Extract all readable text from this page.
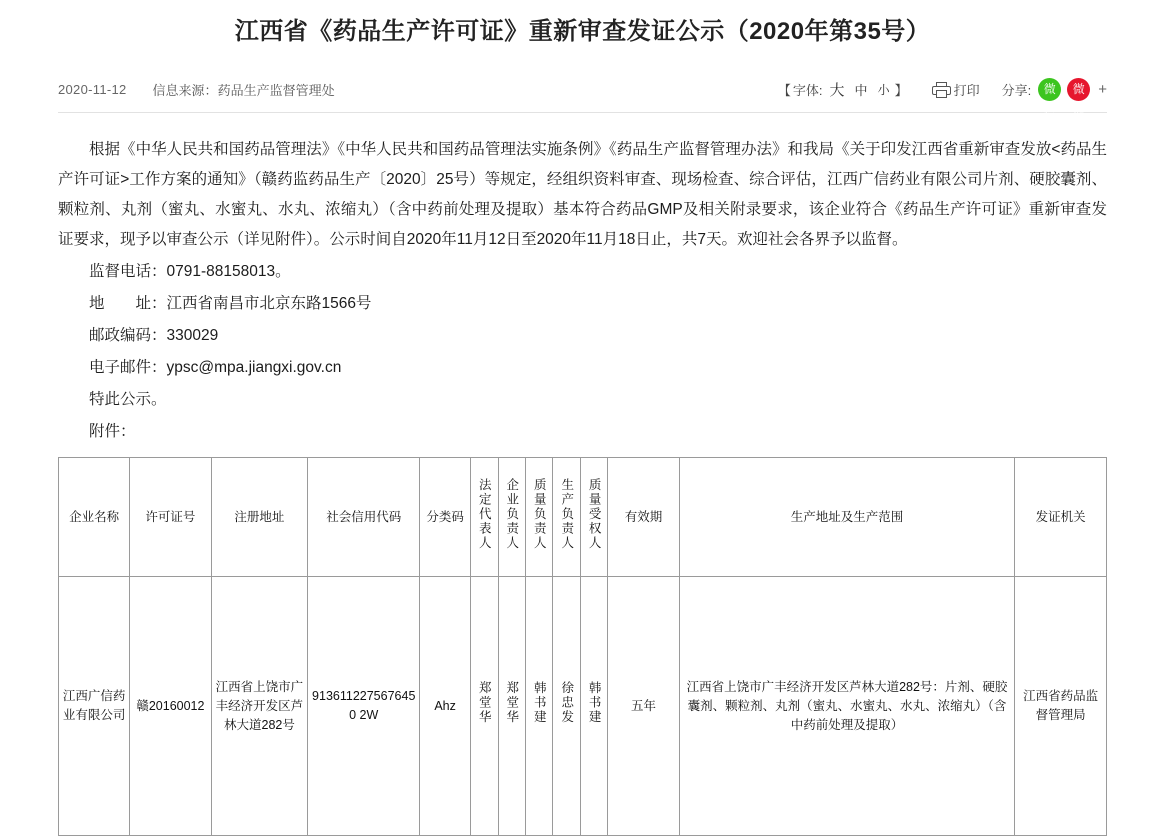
江西省《药品生产许可证》重新审查发证公示（2020年第35号）
2020-11-12 信息来源：药品生产监督管理处	【 字体: 大 中 小 】	打印 分享:	微信
微博
+

根据《中华人民共和国药品管理法》《中华人民共和国药品管理法实施条例》《药品生产监督管理办法》和我局《关于印发江西省重新审查发放<药品生产许可证>工作方案的通知》（赣药监药品生产〔2020〕25号）等规定，经组织资料审查、现场检查、综合评估，江西广信药业有限公司片剂、硬胶囊剂、颗粒剂、丸剂（蜜丸、水蜜丸、水丸、浓缩丸）（含中药前处理及提取）基本符合药品GMP及相关附录要求，该企业符合《药品生产许可证》重新审查发证要求，现予以审查公示（详见附件）。公示时间自2020年11月12日至2020年11月18日止，共7天。欢迎社会各界予以监督。

监督电话：0791-88158013。

地　　址：江西省南昌市北京东路1566号

邮政编码：330029

电子邮件：ypsc@mpa.jiangxi.gov.cn

特此公示。

附件：

企业名称	许可证号	注册地址	社会信用代码	分类码	法定代表人	企业负责人	质量负责人	生产负责人	质量受权人	有效期	生产地址及生产范围	发证机关
江西广信药业有限公司	赣20160012	江西省上饶市广丰经济开发区芦林大道282号	9136112275676450 2W	Ahz	郑堂华	郑堂华	韩书建	徐忠发	韩书建	五年	江西省上饶市广丰经济开发区芦林大道282号：片剂、硬胶囊剂、颗粒剂、丸剂（蜜丸、水蜜丸、水丸、浓缩丸）（含中药前处理及提取）	江西省药品监督管理局
